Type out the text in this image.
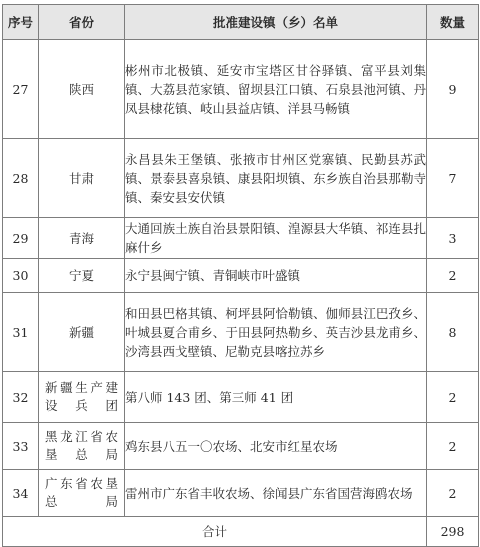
序号	省份	批准建设镇（乡）名单	数量
27	陕西	彬州市北极镇、延安市宝塔区甘谷驿镇、富平县刘集镇、大荔县范家镇、留坝县江口镇、石泉县池河镇、丹凤县棣花镇、岐山县益店镇、洋县马畅镇	9
28	甘肃	永昌县朱王堡镇、张掖市甘州区党寨镇、民勤县苏武镇、景泰县喜泉镇、康县阳坝镇、东乡族自治县那勒寺镇、秦安县安伏镇	7
29	青海	大通回族土族自治县景阳镇、湟源县大华镇、祁连县扎麻什乡	3
30	宁夏	永宁县闽宁镇、青铜峡市叶盛镇	2
31	新疆	和田县巴格其镇、柯坪县阿恰勒镇、伽师县江巴孜乡、叶城县夏合甫乡、于田县阿热勒乡、英吉沙县龙甫乡、沙湾县西戈壁镇、尼勒克县喀拉苏乡	8
32	新疆生产建设兵团	第八师 143 团、第三师 41 团	2
33	黑龙江省农垦总局	鸡东县八五一〇农场、北安市红星农场	2
34	广东省农垦总局	雷州市广东省丰收农场、徐闻县广东省国营海鸥农场	2
合计			298
